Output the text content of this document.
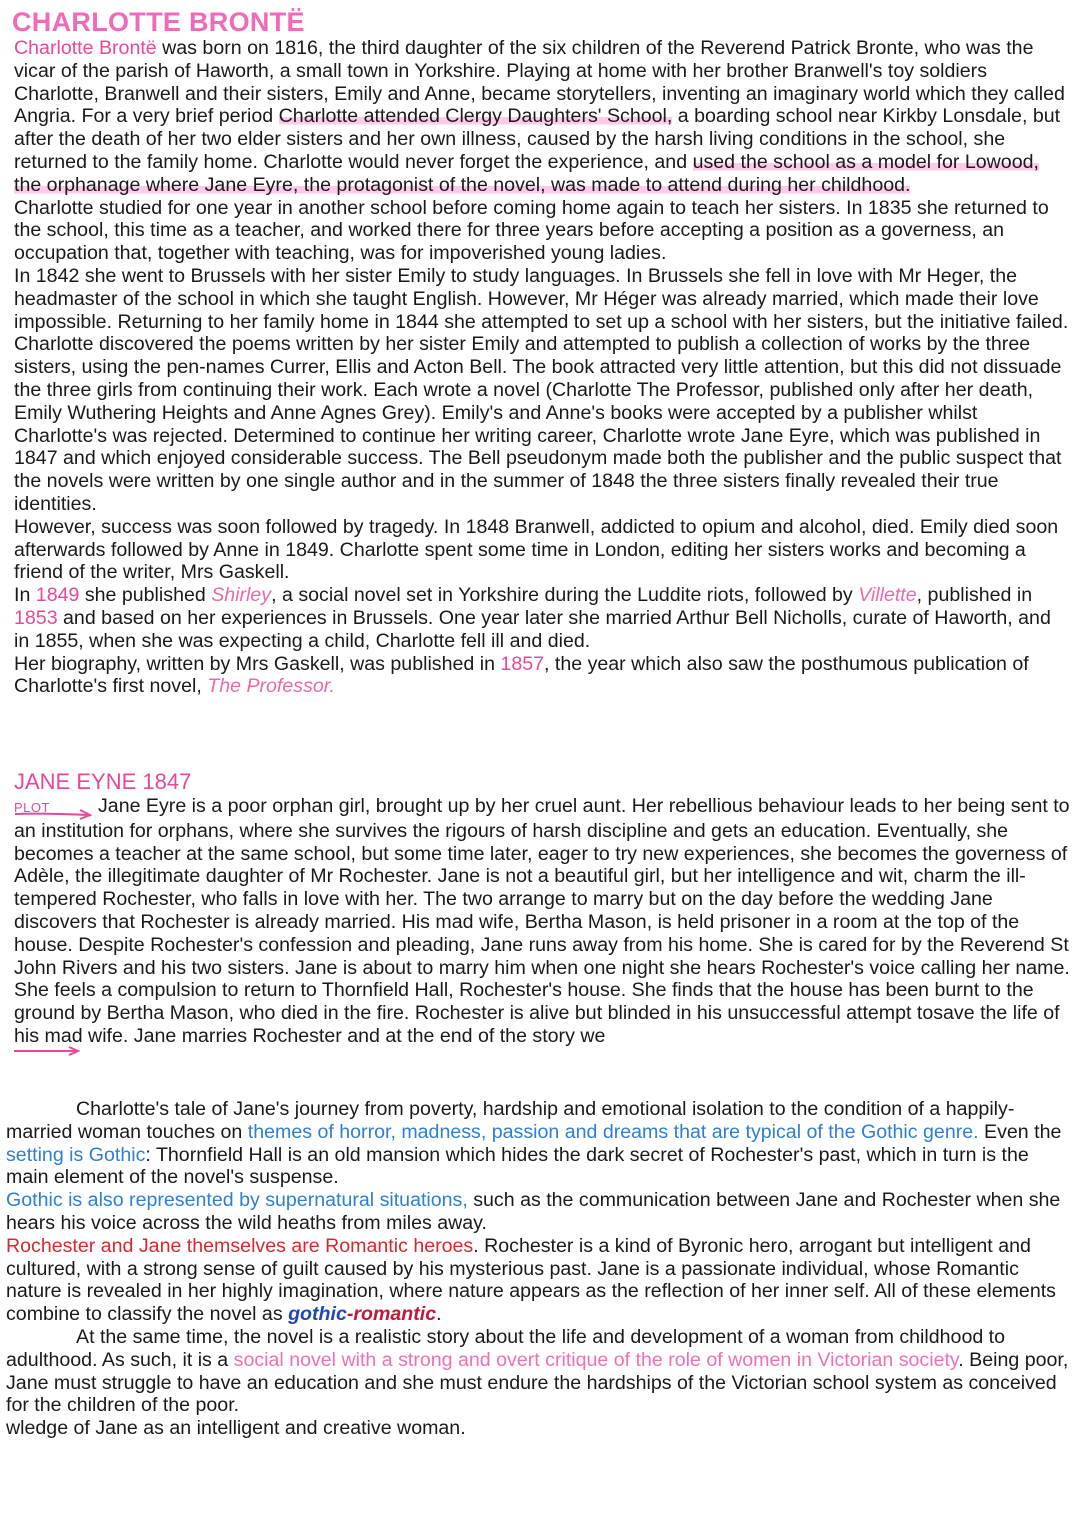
CHARLOTTE BRONTË

Charlotte Brontë was born on 1816, the third daughter of the six children of the Reverend Patrick Bronte, who was the vicar of the parish of Haworth, a small town in Yorkshire. Playing at home with her brother Branwell's toy soldiers Charlotte, Branwell and their sisters, Emily and Anne, became storytellers, inventing an imaginary world which they called Angria. For a very brief period Charlotte attended Clergy Daughters' School, a boarding school near Kirkby Lonsdale, but after the death of her two elder sisters and her own illness, caused by the harsh living conditions in the school, she returned to the family home. Charlotte would never forget the experience, and used the school as a model for Lowood, the orphanage where Jane Eyre, the protagonist of the novel, was made to attend during her childhood.

Charlotte studied for one year in another school before coming home again to teach her sisters. In 1835 she returned to the school, this time as a teacher, and worked there for three years before accepting a position as a governess, an occupation that, together with teaching, was for impoverished young ladies.

In 1842 she went to Brussels with her sister Emily to study languages. In Brussels she fell in love with Mr Heger, the headmaster of the school in which she taught English. However, Mr Héger was already married, which made their love impossible. Returning to her family home in 1844 she attempted to set up a school with her sisters, but the initiative failed.

Charlotte discovered the poems written by her sister Emily and attempted to publish a collection of works by the three sisters, using the pen-names Currer, Ellis and Acton Bell. The book attracted very little attention, but this did not dissuade the three girls from continuing their work. Each wrote a novel (Charlotte The Professor, published only after her death, Emily Wuthering Heights and Anne Agnes Grey). Emily's and Anne's books were accepted by a publisher whilst Charlotte's was rejected. Determined to continue her writing career, Charlotte wrote Jane Eyre, which was published in 1847 and which enjoyed considerable success. The Bell pseudonym made both the publisher and the public suspect that the novels were written by one single author and in the summer of 1848 the three sisters finally revealed their true identities.

However, success was soon followed by tragedy. In 1848 Branwell, addicted to opium and alcohol, died. Emily died soon afterwards followed by Anne in 1849. Charlotte spent some time in London, editing her sisters works and becoming a friend of the writer, Mrs Gaskell.

In 1849 she published Shirley, a social novel set in Yorkshire during the Luddite riots, followed by Villette, published in 1853 and based on her experiences in Brussels. One year later she married Arthur Bell Nicholls, curate of Haworth, and in 1855, when she was expecting a child, Charlotte fell ill and died.

Her biography, written by Mrs Gaskell, was published in 1857, the year which also saw the posthumous publication of Charlotte's first novel, The Professor.

JANE EYNE 1847

PLOT Jane Eyre is a poor orphan girl, brought up by her cruel aunt. Her rebellious behaviour leads to her being sent to an institution for orphans, where she survives the rigours of harsh discipline and gets an education. Eventually, she becomes a teacher at the same school, but some time later, eager to try new experiences, she becomes the governess of Adèle, the illegitimate daughter of Mr Rochester. Jane is not a beautiful girl, but her intelligence and wit, charm the ill-tempered Rochester, who falls in love with her. The two arrange to marry but on the day before the wedding Jane discovers that Rochester is already married. His mad wife, Bertha Mason, is held prisoner in a room at the top of the house. Despite Rochester's confession and pleading, Jane runs away from his home. She is cared for by the Reverend St John Rivers and his two sisters. Jane is about to marry him when one night she hears Rochester's voice calling her name. She feels a compulsion to return to Thornfield Hall, Rochester's house. She finds that the house has been burnt to the ground by Bertha Mason, who died in the fire. Rochester is alive but blinded in his unsuccessful attempt tosave the life of his mad wife. Jane marries Rochester and at the end of the story we

Charlotte's tale of Jane's journey from poverty, hardship and emotional isolation to the condition of a happily-married woman touches on themes of horror, madness, passion and dreams that are typical of the Gothic genre. Even the setting is Gothic: Thornfield Hall is an old mansion which hides the dark secret of Rochester's past, which in turn is the main element of the novel's suspense.

Gothic is also represented by supernatural situations, such as the communication between Jane and Rochester when she hears his voice across the wild heaths from miles away.

Rochester and Jane themselves are Romantic heroes. Rochester is a kind of Byronic hero, arrogant but intelligent and cultured, with a strong sense of guilt caused by his mysterious past. Jane is a passionate individual, whose Romantic nature is revealed in her highly imagination, where nature appears as the reflection of her inner self. All of these elements combine to classify the novel as gothic-romantic.

At the same time, the novel is a realistic story about the life and development of a woman from childhood to adulthood. As such, it is a social novel with a strong and overt critique of the role of women in Victorian society. Being poor, Jane must struggle to have an education and she must endure the hardships of the Victorian school system as conceived for the children of the poor.

wledge of Jane as an intelligent and creative woman.
